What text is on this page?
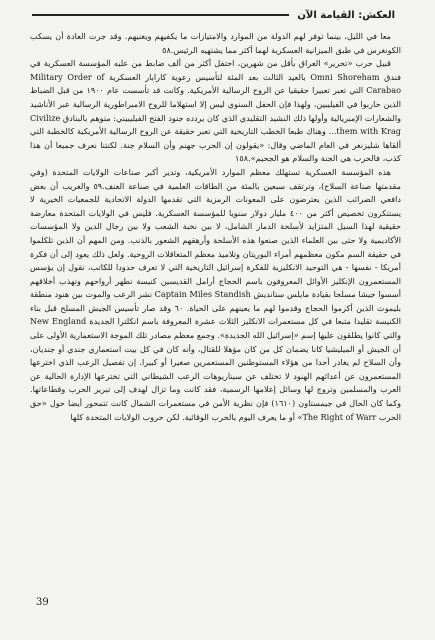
العكش: القيامة الآن

معا في الليل، بينما توفر لهم الدولة من الموارد والامتيازات ما يكفيهم ويغنيهم. وقد جرت العادة أن يسكب الكونغرس في طبق الميزانية العسكرية لهما أكثر مما يشتهيه الرئيس.٥٨

قبيل حرب «تحرير» العراق بأقل من شهرين، احتفل أكثر من ألف ضابط من عليه المؤسسة العسكرية في فندق Omni Shoreham بالعيد الثالث بعد المئة لتأسيس رعوية كارابار العسكرية Military Order of Carabao التي تعبر تعبيرا حقيقيا عن الروح الرسالية الأمريكية. وكانت قد تأسست عام ١٩٠٠ من قبل الضباط الذين حاربوا في الفيليبين، ولهذا فإن الحفل السنوي ليس إلا استهلاما للروح الامبراطورية الرسالية عبر الأناشيد والشعارات الإمبريالية وأولها ذلك النشيد التقليدي الذي كان يردده جنود الفتح الفيليبيني: متوهم بالبنادق Civilize them with Krag... وهناك طبعا الخطب التاريخية التي تعبر حقيقة عن الروح الرسالية الأمريكية كالخطبة التي ألقاها شليزنغر في العام الماضي وقال: «يقولون إن الحرب جهنم وأن السلام جنة. لكنتنا نعرف جميعا أن هذا كذب، فالحرب هي الجنة والسلام هو الجحيم».١٥٨

هذه المؤسسة العسكرية تستهلك معظم الموارد الأمريكية، وتدير أكبر صناعات الولايات المتحدة (وفي مقدمتها صناعة السلاح)، وترتقف سبعين بالمئة من الطاقات العلمية في صناعة العنف.٥٩ والغريب أن بعض دافعي الضرائب الذين يعترضون على المعونات الرمزية التي تقدمها الدولة الاتحادية للجمعيات الخيرية لا يستنكرون تخصيص أكثر من ٤٠٠ مليار دولار سنويا للمؤسسة العسكرية. فليس في الولايات المتحدة معارضة حقيقية لهذا السيل المتزايد لأسلحة الدمار الشامل، لا بين نخبة الشعب ولا بين رجال الدين ولا المؤسسات الأكاديمية ولا حتى بين العلماء الذين صنعوا هذه الأسلحة وأرهقهم الشعور بالذنب. ومن المهم أن الذين تلكلموا في حقيقة السم مكون معظمهم أمراء البوريتان وتلاميذ معظم المتعاقلات الروحية. ولعل ذلك يعود إلى أن فكرة أمريكا - نفسها - هي التوحيد الانكليزية للفكرة إسرائيل التاريخية التي لا تعرف حدودا للكاتب، تقول إن يؤسس المستعمرون الإنكليز الأوائل المعروفون باسم الحجاج أرامل القديسين كنيسة تطهر أرواحهم وتهذب أخلاقهم أسسوا جيشا مسلحا بقيادة مايلس ستانديش Captain Miles Standish نشر الرعب والموت بين هنود منطقة بليموث الذين أكرموا الحجاج وقدموا لهم ما يعينهم على الحياة. ٦٠ وقد صار تأسيس الجيش المسلح قبل بناء الكنيسة تقليدا متبعا في كل مستعمرات الانكليز الثلاث عشرة المعروفة باسم انكلترا الجديدة New England والتي كانوا يطلقون عليها إسم «إسرائيل الله الجديدة». وجمع معظم مصادر تلك الموجة الاستعمارية الأولى على أن الجيش أو الميليشيا كانا يضمان كل من كان مؤهلا للقتال، وأنه كان في كل بيت استعماري جندي أو جنديان، وأن السلاح لم يغادر أحدا من هؤلاء المستوطنين المستعمرين صغيرا أو كبيرا. إن تفصيل الرعب الذي اخترعها المستعمرون عن أعدائهم الهنود لا تختلف عن سيناريوهات الرعب الشيطاني التي تخترعها الإدارة الحالية عن العرب والمسلمين وتروج لها وسائل إعلامها الرسمية، فقد كانت وما تزال لهدف إلى تبرير الحرب وقطاعاتها. وكما كان الحال في جيمستاون (١٦١٠) فإن نظرية الأمن في مستعمرات الشمال كانت تتمحور أيضا حول «حق الحرب The Right of Warr» أو ما يعرف اليوم بالحرب الوقائية. لكن حروب الولايات المتحدة كلها

39
